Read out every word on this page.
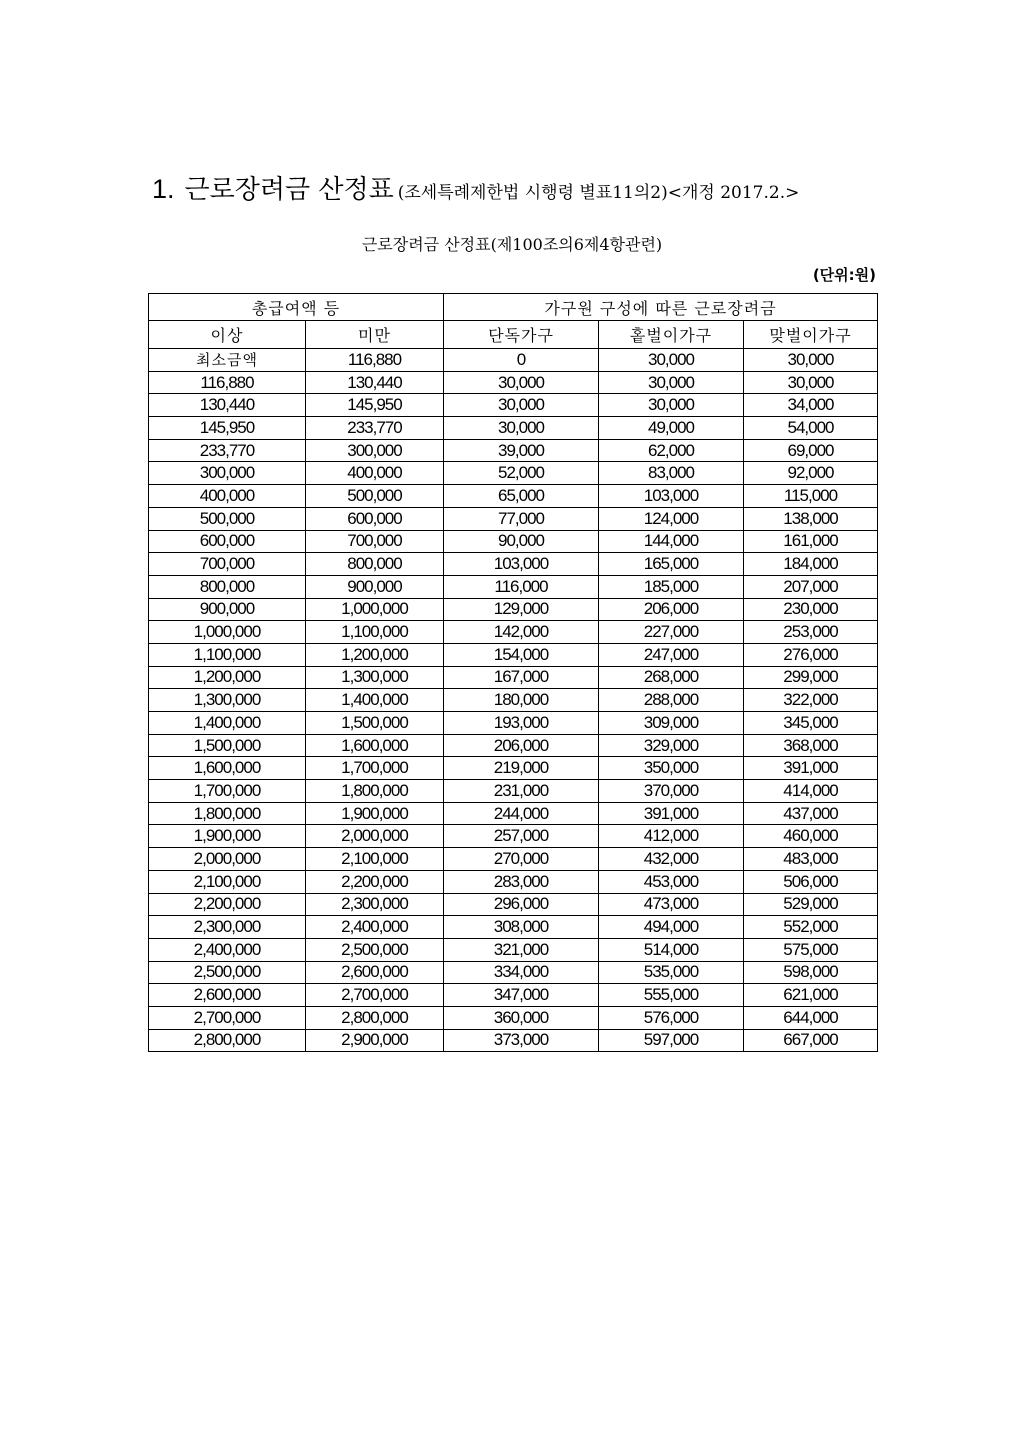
1. 근로장려금 산정표 (조세특례제한법 시행령 별표11의2)<개정 2017.2.>
근로장려금 산정표(제100조의6제4항관련)
(단위:원)
총급여액 등		가구원 구성에 따른 근로장려금		
이상	미만	단독가구	홑벌이가구	맞벌이가구
최소금액	116,880	0	30,000	30,000
116,880	130,440	30,000	30,000	30,000
130,440	145,950	30,000	30,000	34,000
145,950	233,770	30,000	49,000	54,000
233,770	300,000	39,000	62,000	69,000
300,000	400,000	52,000	83,000	92,000
400,000	500,000	65,000	103,000	115,000
500,000	600,000	77,000	124,000	138,000
600,000	700,000	90,000	144,000	161,000
700,000	800,000	103,000	165,000	184,000
800,000	900,000	116,000	185,000	207,000
900,000	1,000,000	129,000	206,000	230,000
1,000,000	1,100,000	142,000	227,000	253,000
1,100,000	1,200,000	154,000	247,000	276,000
1,200,000	1,300,000	167,000	268,000	299,000
1,300,000	1,400,000	180,000	288,000	322,000
1,400,000	1,500,000	193,000	309,000	345,000
1,500,000	1,600,000	206,000	329,000	368,000
1,600,000	1,700,000	219,000	350,000	391,000
1,700,000	1,800,000	231,000	370,000	414,000
1,800,000	1,900,000	244,000	391,000	437,000
1,900,000	2,000,000	257,000	412,000	460,000
2,000,000	2,100,000	270,000	432,000	483,000
2,100,000	2,200,000	283,000	453,000	506,000
2,200,000	2,300,000	296,000	473,000	529,000
2,300,000	2,400,000	308,000	494,000	552,000
2,400,000	2,500,000	321,000	514,000	575,000
2,500,000	2,600,000	334,000	535,000	598,000
2,600,000	2,700,000	347,000	555,000	621,000
2,700,000	2,800,000	360,000	576,000	644,000
2,800,000	2,900,000	373,000	597,000	667,000
